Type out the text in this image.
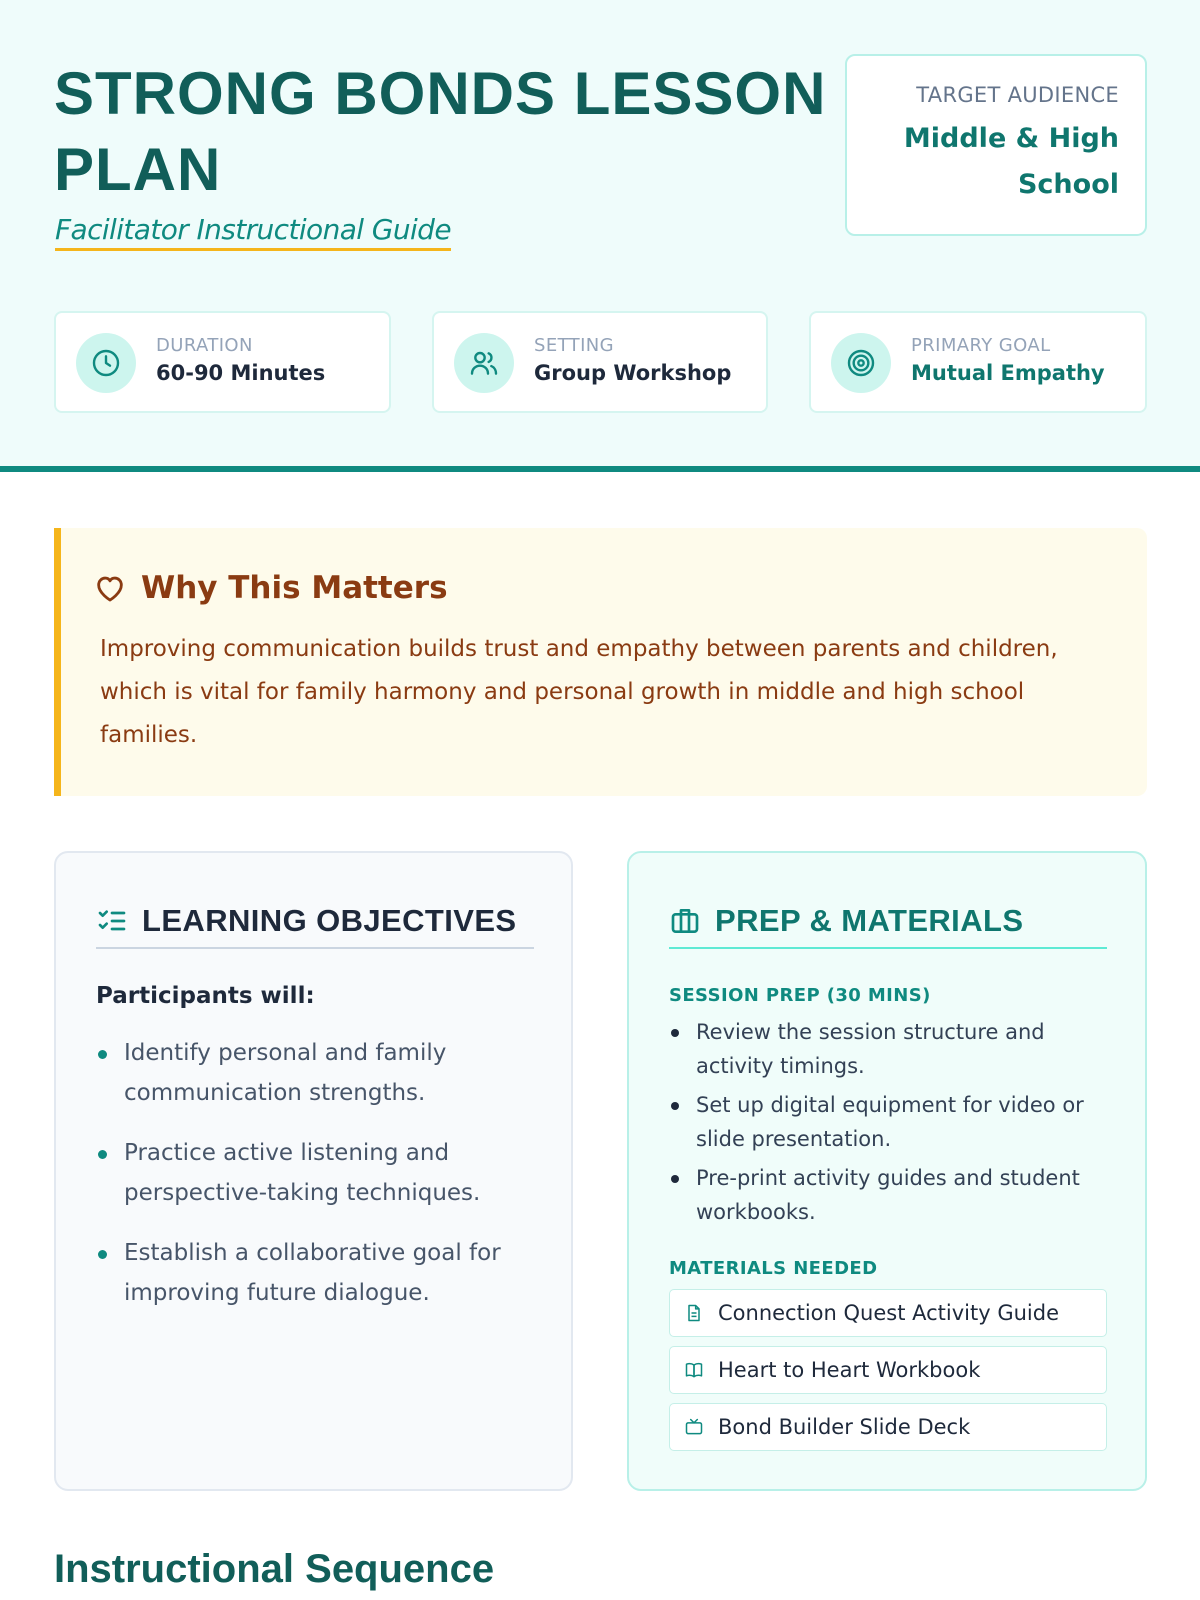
STRONG BONDS LESSON PLAN
Facilitator Instructional Guide
TARGET AUDIENCE
Middle & High School
DURATION
60-90 Minutes
SETTING
Group Workshop
PRIMARY GOAL
Mutual Empathy
Why This Matters

Improving communication builds trust and empathy between parents and children, which is vital for family harmony and personal growth in middle and high school families.

LEARNING OBJECTIVES

Participants will:

Identify personal and family communication strengths.
Practice active listening and perspective-taking techniques.
Establish a collaborative goal for improving future dialogue.
PREP & MATERIALS
SESSION PREP (30 MINS)
Review the session structure and activity timings.
Set up digital equipment for video or slide presentation.
Pre-print activity guides and student workbooks.
MATERIALS NEEDED
Connection Quest Activity Guide
Heart to Heart Workbook
Bond Builder Slide Deck
Instructional Sequence
